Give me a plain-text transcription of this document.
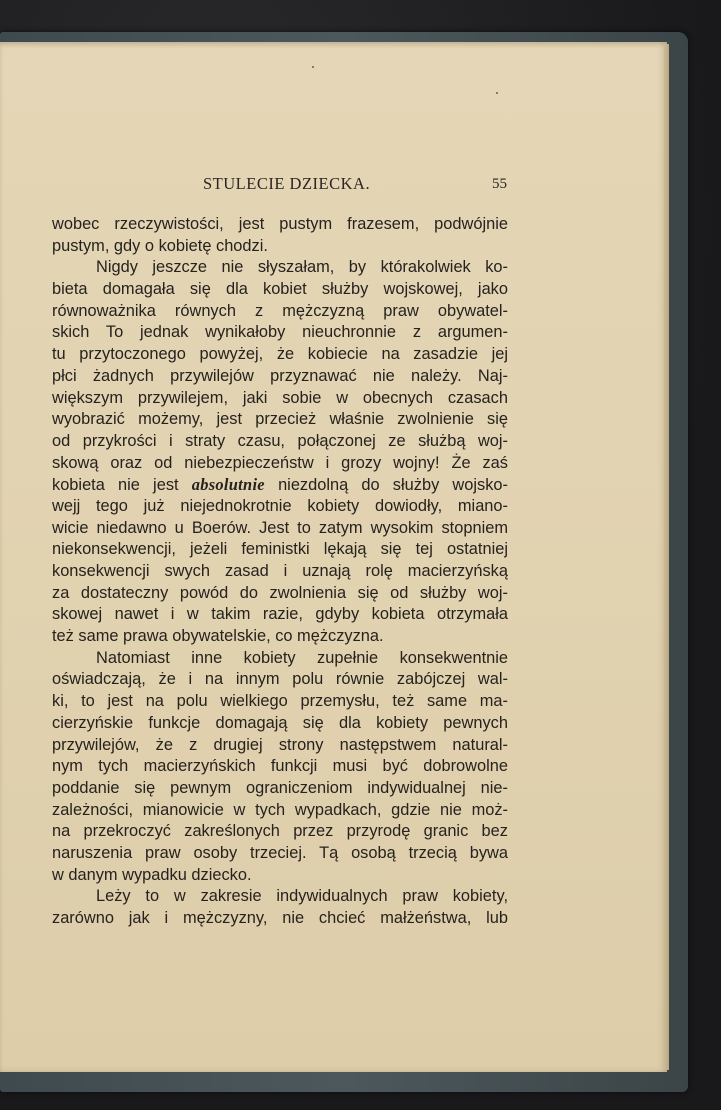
STULECIE DZIECKA.	55
wobec rzeczywistości, jest pustym frazesem, podwójnie
pustym, gdy o kobietę chodzi.
Nigdy jeszcze nie słyszałam, by którakolwiek ko-
bieta domagała się dla kobiet służby wojskowej, jako
równoważnika równych z mężczyzną praw obywatel-
skich To jednak wynikałoby nieuchronnie z argumen-
tu przytoczonego powyżej, że kobiecie na zasadzie jej
płci żadnych przywilejów przyznawać nie należy. Naj-
większym przywilejem, jaki sobie w obecnych czasach
wyobrazić możemy, jest przecież właśnie zwolnienie się
od przykrości i straty czasu, połączonej ze służbą woj-
skową oraz od niebezpieczeństw i grozy wojny! Że zaś
kobieta nie jest absolutnie niezdolną do służby wojsko-
wejj tego już niejednokrotnie kobiety dowiodły, miano-
wicie niedawno u Boerów. Jest to zatym wysokim stopniem
niekonsekwencji, jeżeli feministki lękają się tej ostatniej
konsekwencji swych zasad i uznają rolę macierzyńską
za dostateczny powód do zwolnienia się od służby woj-
skowej nawet i w takim razie, gdyby kobieta otrzymała
też same prawa obywatelskie, co mężczyzna.
Natomiast inne kobiety zupełnie konsekwentnie
oświadczają, że i na innym polu równie zabójczej wal-
ki, to jest na polu wielkiego przemysłu, też same ma-
cierzyńskie funkcje domagają się dla kobiety pewnych
przywilejów, że z drugiej strony następstwem natural-
nym tych macierzyńskich funkcji musi być dobrowolne
poddanie się pewnym ograniczeniom indywidualnej nie-
zależności, mianowicie w tych wypadkach, gdzie nie moż-
na przekroczyć zakreślonych przez przyrodę granic bez
naruszenia praw osoby trzeciej. Tą osobą trzecią bywa
w danym wypadku dziecko.
Leży to w zakresie indywidualnych praw kobiety,
zarówno jak i mężczyzny, nie chcieć małżeństwa, lub
